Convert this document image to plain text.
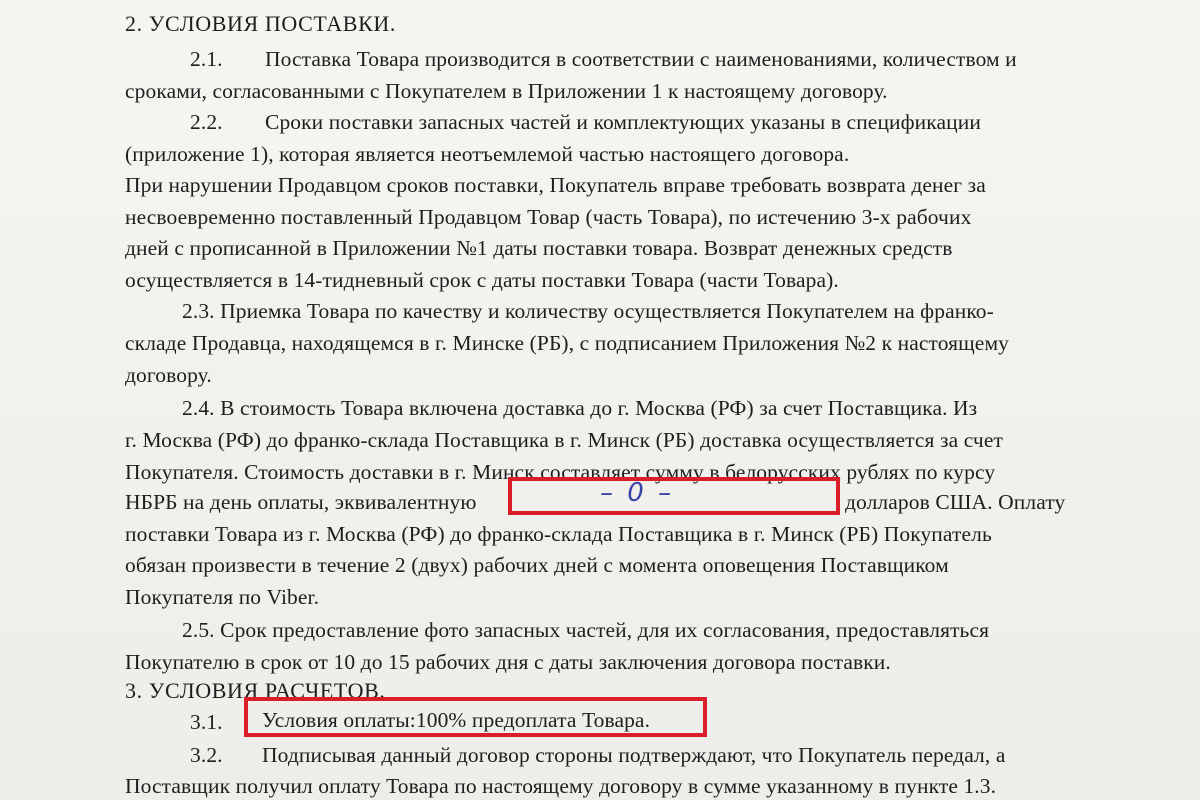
2. УСЛОВИЯ ПОСТАВКИ.
2.1. Поставка Товара производится в соответствии с наименованиями, количеством и
сроками, согласованными с Покупателем в Приложении 1 к настоящему договору.
2.2. Сроки поставки запасных частей и комплектующих указаны в спецификации
(приложение 1), которая является неотъемлемой частью настоящего договора.
При нарушении Продавцом сроков поставки, Покупатель вправе требовать возврата денег за
несвоевременно поставленный Продавцом Товар (часть Товара), по истечению 3-х рабочих
дней с прописанной в Приложении №1 даты поставки товара. Возврат денежных средств
осуществляется в 14-тидневный срок с даты поставки Товара (части Товара).
2.3. Приемка Товара по качеству и количеству осуществляется Покупателем на франко-
складе Продавца, находящемся в г. Минске (РБ), с подписанием Приложения №2 к настоящему
договору.
2.4. В стоимость Товара включена доставка до г. Москва (РФ) за счет Поставщика. Из
г. Москва (РФ) до франко-склада Поставщика в г. Минск (РБ) доставка осуществляется за счет
Покупателя. Стоимость доставки в г. Минск составляет сумму в белорусских рублях по курсу
НБРБ на день оплаты, эквивалентную	– 0 –	долларов США. Оплату
поставки Товара из г. Москва (РФ) до франко-склада Поставщика в г. Минск (РБ) Покупатель
обязан произвести в течение 2 (двух) рабочих дней с момента оповещения Поставщиком
Покупателя по Viber.
2.5. Срок предоставление фото запасных частей, для их согласования, предоставляться
Покупателю в срок от 10 до 15 рабочих дня с даты заключения договора поставки.
3. УСЛОВИЯ РАСЧЕТОВ.
3.1. Условия оплаты:100% предоплата Товара.
3.2. Подписывая данный договор стороны подтверждают, что Покупатель передал, а
Поставщик получил оплату Товара по настоящему договору в сумме указанному в пункте 1.3.
